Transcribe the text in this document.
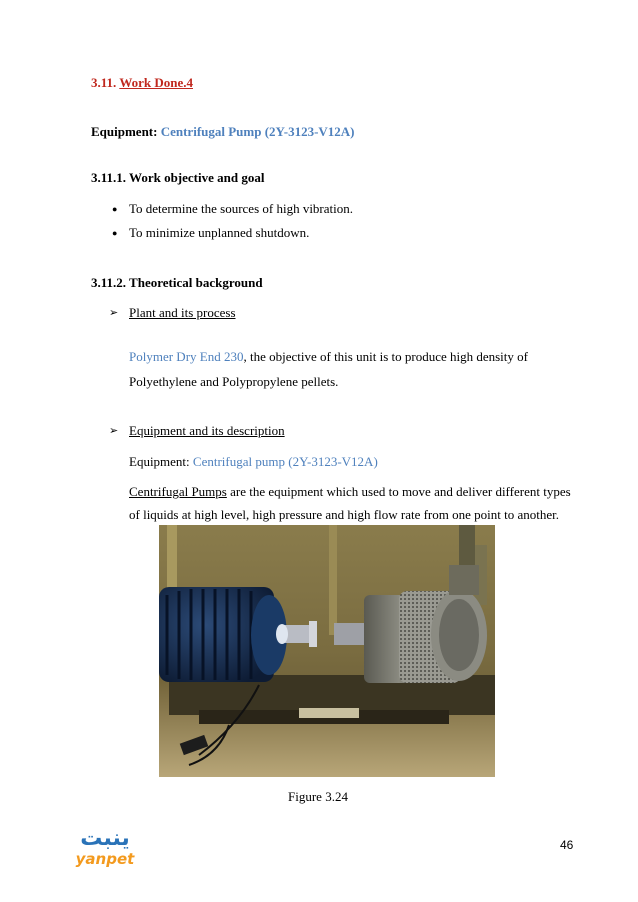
3.11. Work Done.4
Equipment: Centrifugal Pump (2Y-3123-V12A)
3.11.1. Work objective and goal
● To determine the sources of high vibration.
● To minimize unplanned shutdown.
3.11.2. Theoretical background
➢ Plant and its process
Polymer Dry End 230, the objective of this unit is to produce high density of
Polyethylene and Polypropylene pellets.
➢ Equipment and its description
Equipment: Centrifugal pump (2Y-3123-V12A)
Centrifugal Pumps are the equipment which used to move and deliver different types
of liquids at high level, high pressure and high flow rate from one point to another.
Figure 3.24
ينبت
yanpet
46
